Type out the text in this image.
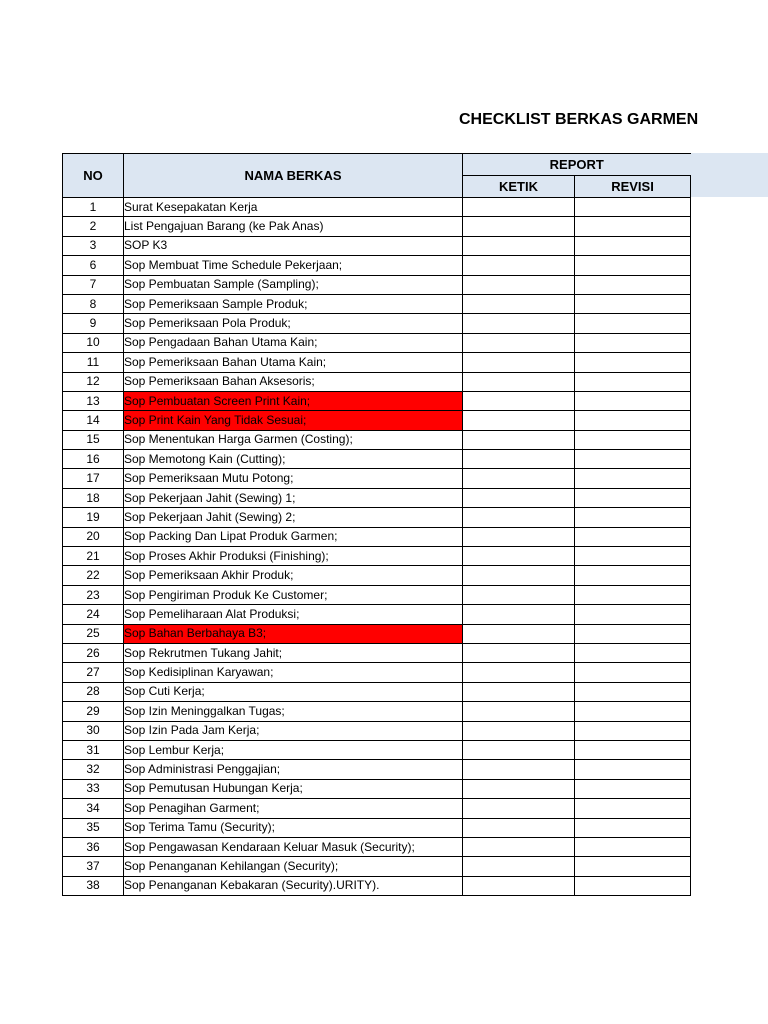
CHECKLIST BERKAS GARMEN
NO	NAMA BERKAS	REPORT	
		KETIK	REVISI
1	Surat Kesepakatan Kerja		
2	List Pengajuan Barang (ke Pak Anas)		
3	SOP K3		
6	Sop Membuat Time Schedule Pekerjaan;		
7	Sop Pembuatan Sample (Sampling);		
8	Sop Pemeriksaan Sample Produk;		
9	Sop Pemeriksaan Pola Produk;		
10	Sop Pengadaan Bahan Utama Kain;		
11	Sop Pemeriksaan Bahan Utama Kain;		
12	Sop Pemeriksaan Bahan Aksesoris;		
13	Sop Pembuatan Screen Print Kain;		
14	Sop Print Kain Yang Tidak Sesuai;		
15	Sop Menentukan Harga Garmen (Costing);		
16	Sop Memotong Kain (Cutting);		
17	Sop Pemeriksaan Mutu Potong;		
18	Sop Pekerjaan Jahit (Sewing) 1;		
19	Sop Pekerjaan Jahit (Sewing) 2;		
20	Sop Packing Dan Lipat Produk Garmen;		
21	Sop Proses Akhir Produksi (Finishing);		
22	Sop Pemeriksaan Akhir Produk;		
23	Sop Pengiriman Produk Ke Customer;		
24	Sop Pemeliharaan Alat Produksi;		
25	Sop Bahan Berbahaya B3;		
26	Sop Rekrutmen Tukang Jahit;		
27	Sop Kedisiplinan Karyawan;		
28	Sop Cuti Kerja;		
29	Sop Izin Meninggalkan Tugas;		
30	Sop Izin Pada Jam Kerja;		
31	Sop Lembur Kerja;		
32	Sop Administrasi Penggajian;		
33	Sop Pemutusan Hubungan Kerja;		
34	Sop Penagihan Garment;		
35	Sop Terima Tamu (Security);		
36	Sop Pengawasan Kendaraan Keluar Masuk (Security);		
37	Sop Penanganan Kehilangan (Security);		
38	Sop Penanganan Kebakaran (Security).URITY).		
